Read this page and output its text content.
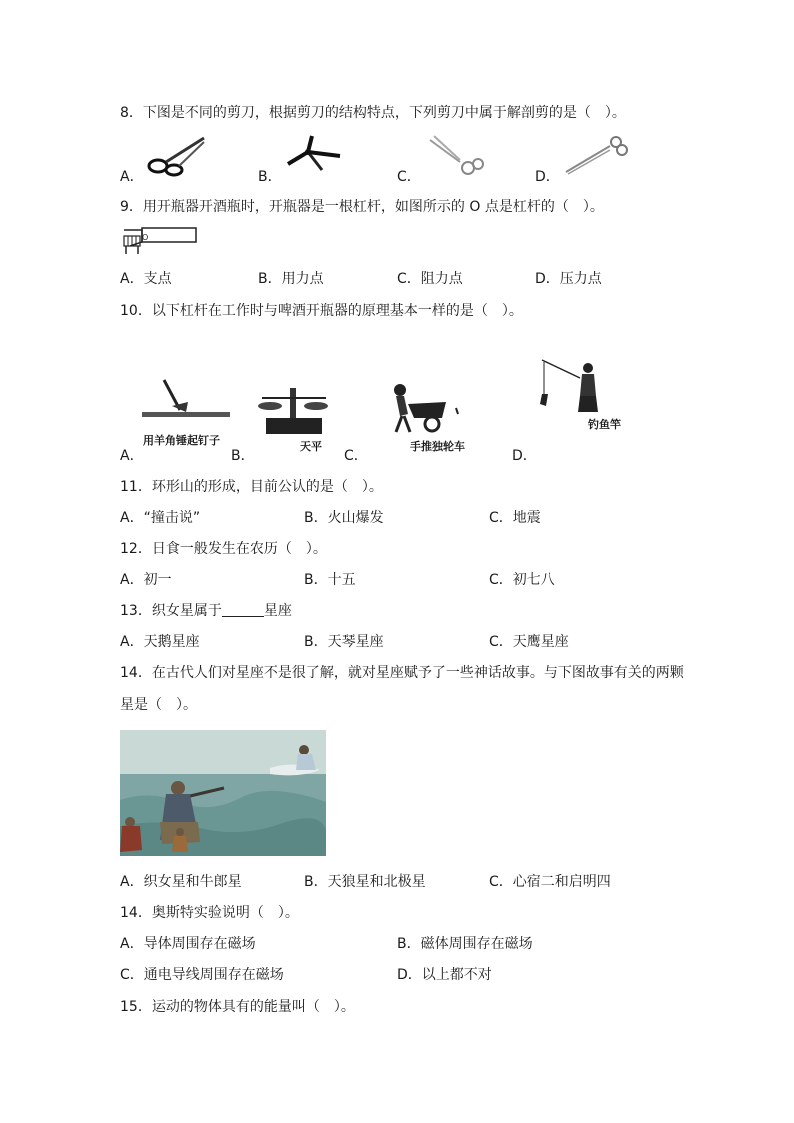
8．下图是不同的剪刀，根据剪刀的结构特点，下列剪刀中属于解剖剪的是（　）。
A．	B．	C．	D．
9．用开瓶器开酒瓶时，开瓶器是一根杠杆，如图所示的 O 点是杠杆的（　）。
O
A．支点	B．用力点	C．阻力点	D．压力点
10．以下杠杆在工作时与啤酒开瓶器的原理基本一样的是（　）。
用羊角锤起钉子	天平	手推独轮车
钓鱼竿
A．	B．	C．	D．
11．环形山的形成，目前公认的是（　）。
A．“撞击说”	B．火山爆发	C．地震
12．日食一般发生在农历（　）。
A．初一	B．十五	C．初七八
13．织女星属于	星座
A．天鹅星座	B．天琴星座	C．天鹰星座
14．在古代人们对星座不是很了解，就对星座赋予了一些神话故事。与下图故事有关的两颗
星是（　）。
A．织女星和牛郎星	B．天狼星和北极星	C．心宿二和启明四
14．奥斯特实验说明（　）。
A．导体周围存在磁场	B．磁体周围存在磁场
C．通电导线周围存在磁场	D．以上都不对
15．运动的物体具有的能量叫（　）。
